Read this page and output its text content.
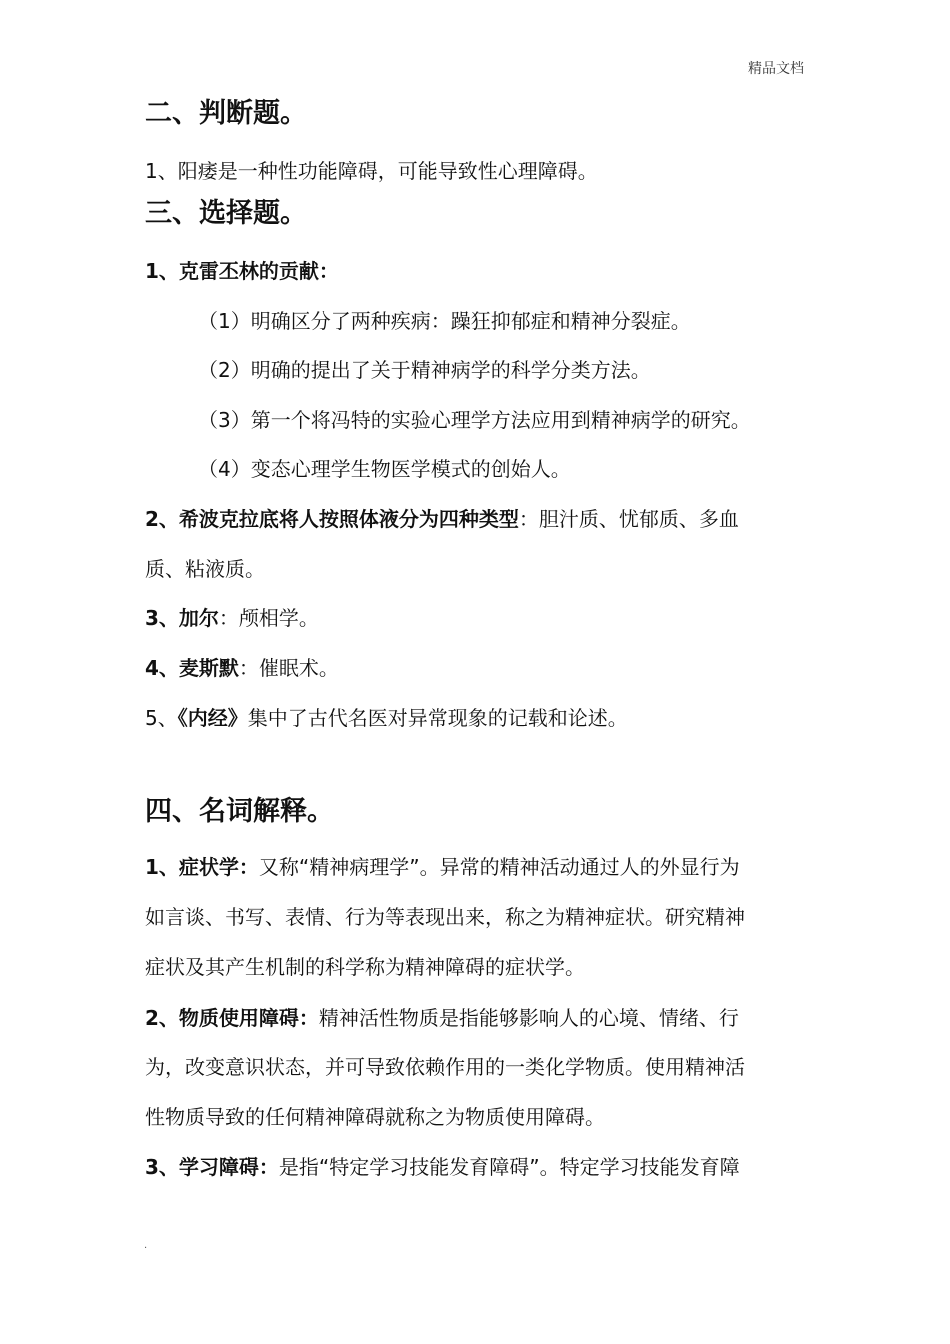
精品文档
二、判断题。
1、阳痿是一种性功能障碍，可能导致性心理障碍。
三、选择题。
1、克雷丕林的贡献：
（1）明确区分了两种疾病：躁狂抑郁症和精神分裂症。
（2）明确的提出了关于精神病学的科学分类方法。
（3）第一个将冯特的实验心理学方法应用到精神病学的研究。
（4）变态心理学生物医学模式的创始人。
2、希波克拉底将人按照体液分为四种类型：胆汁质、忧郁质、多血
质、粘液质。
3、加尔：颅相学。
4、麦斯默：催眠术。
5、《内经》集中了古代名医对异常现象的记载和论述。
四、名词解释。
1、症状学：又称“精神病理学”。异常的精神活动通过人的外显行为
如言谈、书写、表情、行为等表现出来，称之为精神症状。研究精神
症状及其产生机制的科学称为精神障碍的症状学。
2、物质使用障碍：精神活性物质是指能够影响人的心境、情绪、行
为，改变意识状态，并可导致依赖作用的一类化学物质。使用精神活
性物质导致的任何精神障碍就称之为物质使用障碍。
3、学习障碍：是指“特定学习技能发育障碍”。特定学习技能发育障
.
